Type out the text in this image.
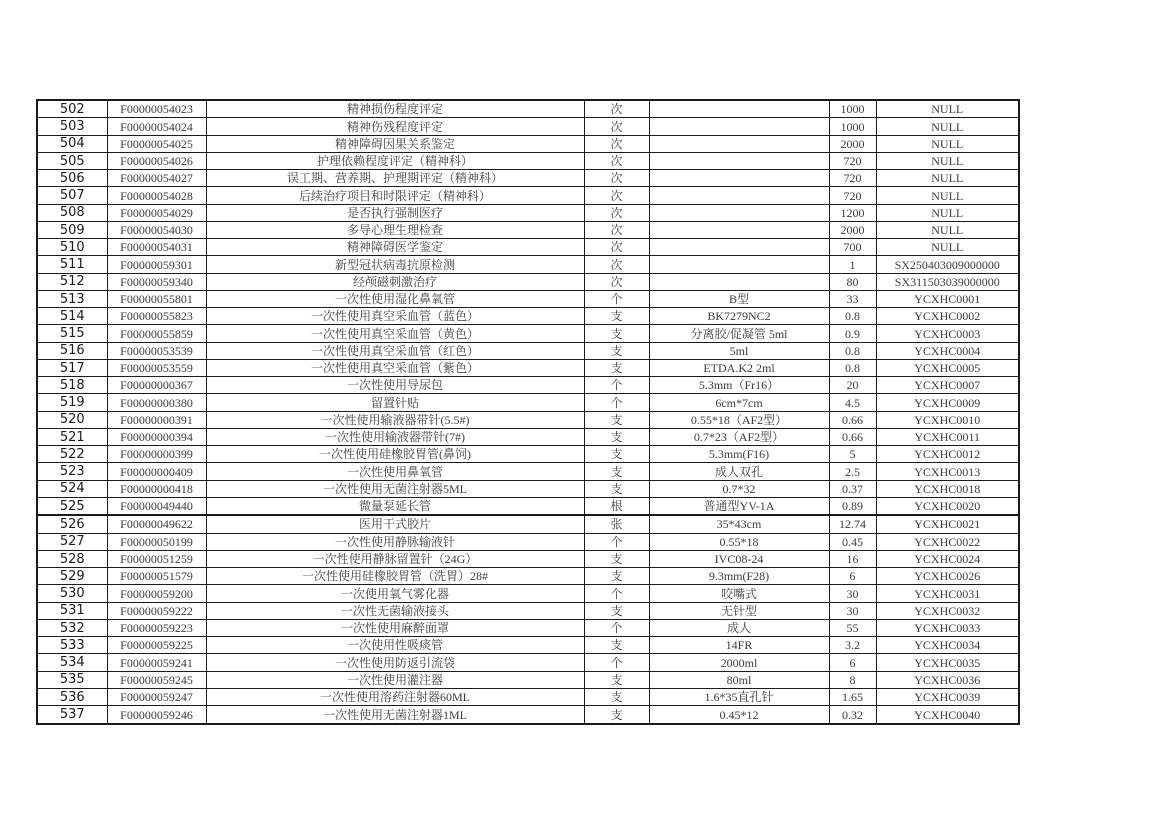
502	F00000054023	精神损伤程度评定	次		1000	NULL
503	F00000054024	精神伤残程度评定	次		1000	NULL
504	F00000054025	精神障碍因果关系鉴定	次		2000	NULL
505	F00000054026	护理依赖程度评定（精神科）	次		720	NULL
506	F00000054027	误工期、营养期、护理期评定（精神科）	次		720	NULL
507	F00000054028	后续治疗项目和时限评定（精神科）	次		720	NULL
508	F00000054029	是否执行强制医疗	次		1200	NULL
509	F00000054030	多导心理生理检查	次		2000	NULL
510	F00000054031	精神障碍医学鉴定	次		700	NULL
511	F00000059301	新型冠状病毒抗原检测	次		1	SX250403009000000
512	F00000059340	经颅磁刺激治疗	次		80	SX311503039000000
513	F00000055801	一次性使用湿化鼻氧管	个	B型	33	YCXHC0001
514	F00000055823	一次性使用真空采血管（蓝色）	支	BK7279NC2	0.8	YCXHC0002
515	F00000055859	一次性使用真空采血管（黄色）	支	分离胶/促凝管 5ml	0.9	YCXHC0003
516	F00000053539	一次性使用真空采血管（红色）	支	5ml	0.8	YCXHC0004
517	F00000053559	一次性使用真空采血管（紫色）	支	ETDA.K2 2ml	0.8	YCXHC0005
518	F00000000367	一次性使用导尿包	个	5.3mm（Fr16）	20	YCXHC0007
519	F00000000380	留置针贴	个	6cm*7cm	4.5	YCXHC0009
520	F00000000391	一次性使用输液器带针(5.5#)	支	0.55*18（AF2型）	0.66	YCXHC0010
521	F00000000394	一次性使用输液器带针(7#)	支	0.7*23（AF2型）	0.66	YCXHC0011
522	F00000000399	一次性使用硅橡胶胃管(鼻饲)	支	5.3mm(F16)	5	YCXHC0012
523	F00000000409	一次性使用鼻氧管	支	成人双孔	2.5	YCXHC0013
524	F00000000418	一次性使用无菌注射器5ML	支	0.7*32	0.37	YCXHC0018
525	F00000049440	微量泵延长管	根	普通型YV-1A	0.89	YCXHC0020
526	F00000049622	医用干式胶片	张	35*43cm	12.74	YCXHC0021
527	F00000050199	一次性使用静脉输液针	个	0.55*18	0.45	YCXHC0022
528	F00000051259	一次性使用静脉留置针（24G）	支	IVC08-24	16	YCXHC0024
529	F00000051579	一次性使用硅橡胶胃管（洗胃）28#	支	9.3mm(F28)	6	YCXHC0026
530	F00000059200	一次使用氧气雾化器	个	咬嘴式	30	YCXHC0031
531	F00000059222	一次性无菌输液接头	支	无针型	30	YCXHC0032
532	F00000059223	一次性使用麻醉面罩	个	成人	55	YCXHC0033
533	F00000059225	一次使用性吸痰管	支	14FR	3.2	YCXHC0034
534	F00000059241	一次性使用防返引流袋	个	2000ml	6	YCXHC0035
535	F00000059245	一次性使用灌注器	支	80ml	8	YCXHC0036
536	F00000059247	一次性使用溶药注射器60ML	支	1.6*35直孔针	1.65	YCXHC0039
537	F00000059246	一次性使用无菌注射器1ML	支	0.45*12	0.32	YCXHC0040
